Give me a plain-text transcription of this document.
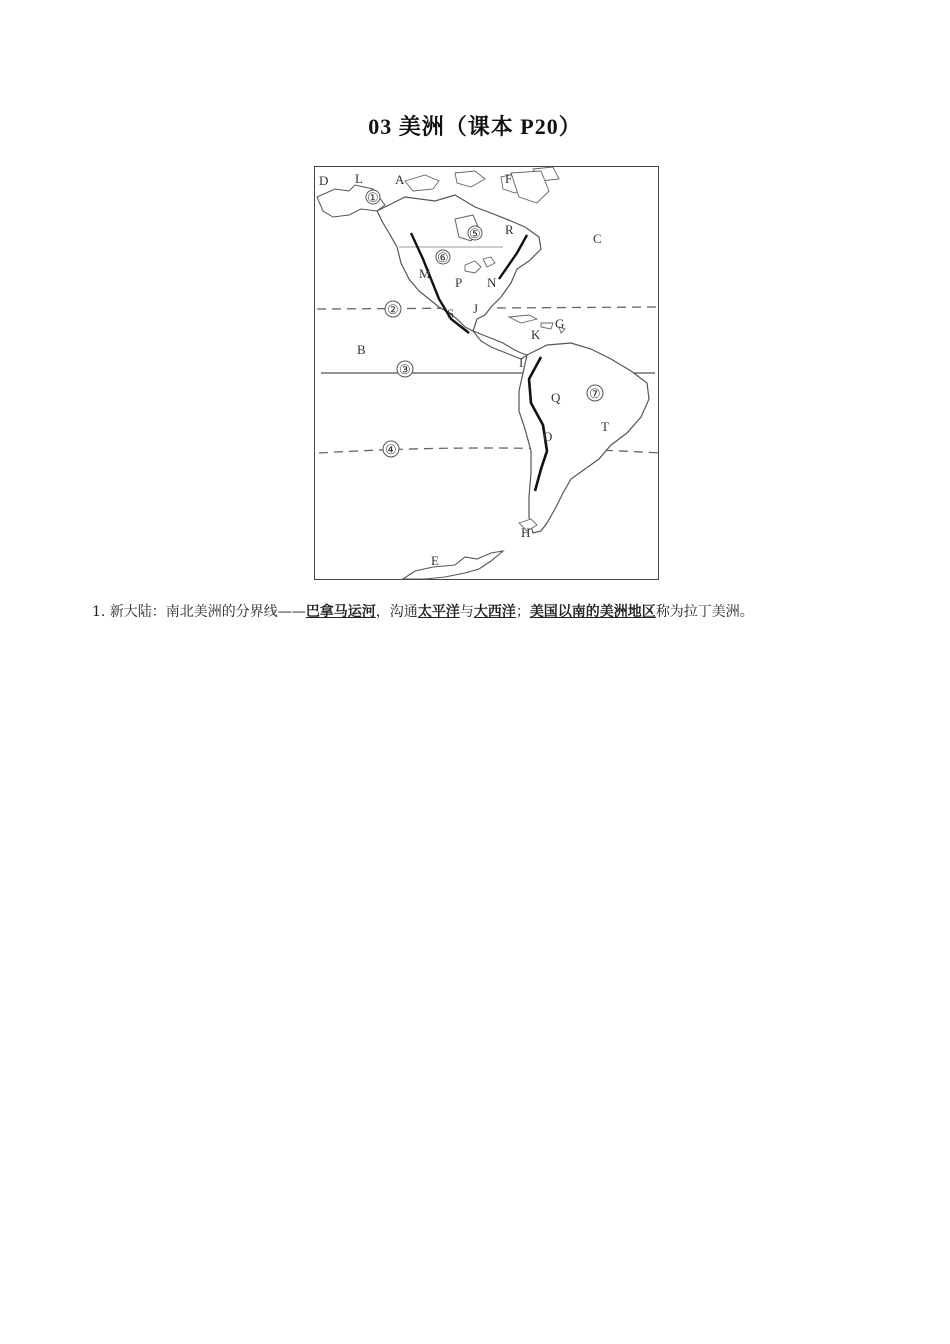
03 美洲（课本 P20）
D L A	F
C
R
M
P N
J
S
K
G
B
I
Q
T
O
H
E
①
⑤
⑥
②
③
⑦
④
1. 新大陆：南北美洲的分界线——巴拿马运河，沟通太平洋与大西洋；美国以南的美洲地区称为拉丁美洲。
